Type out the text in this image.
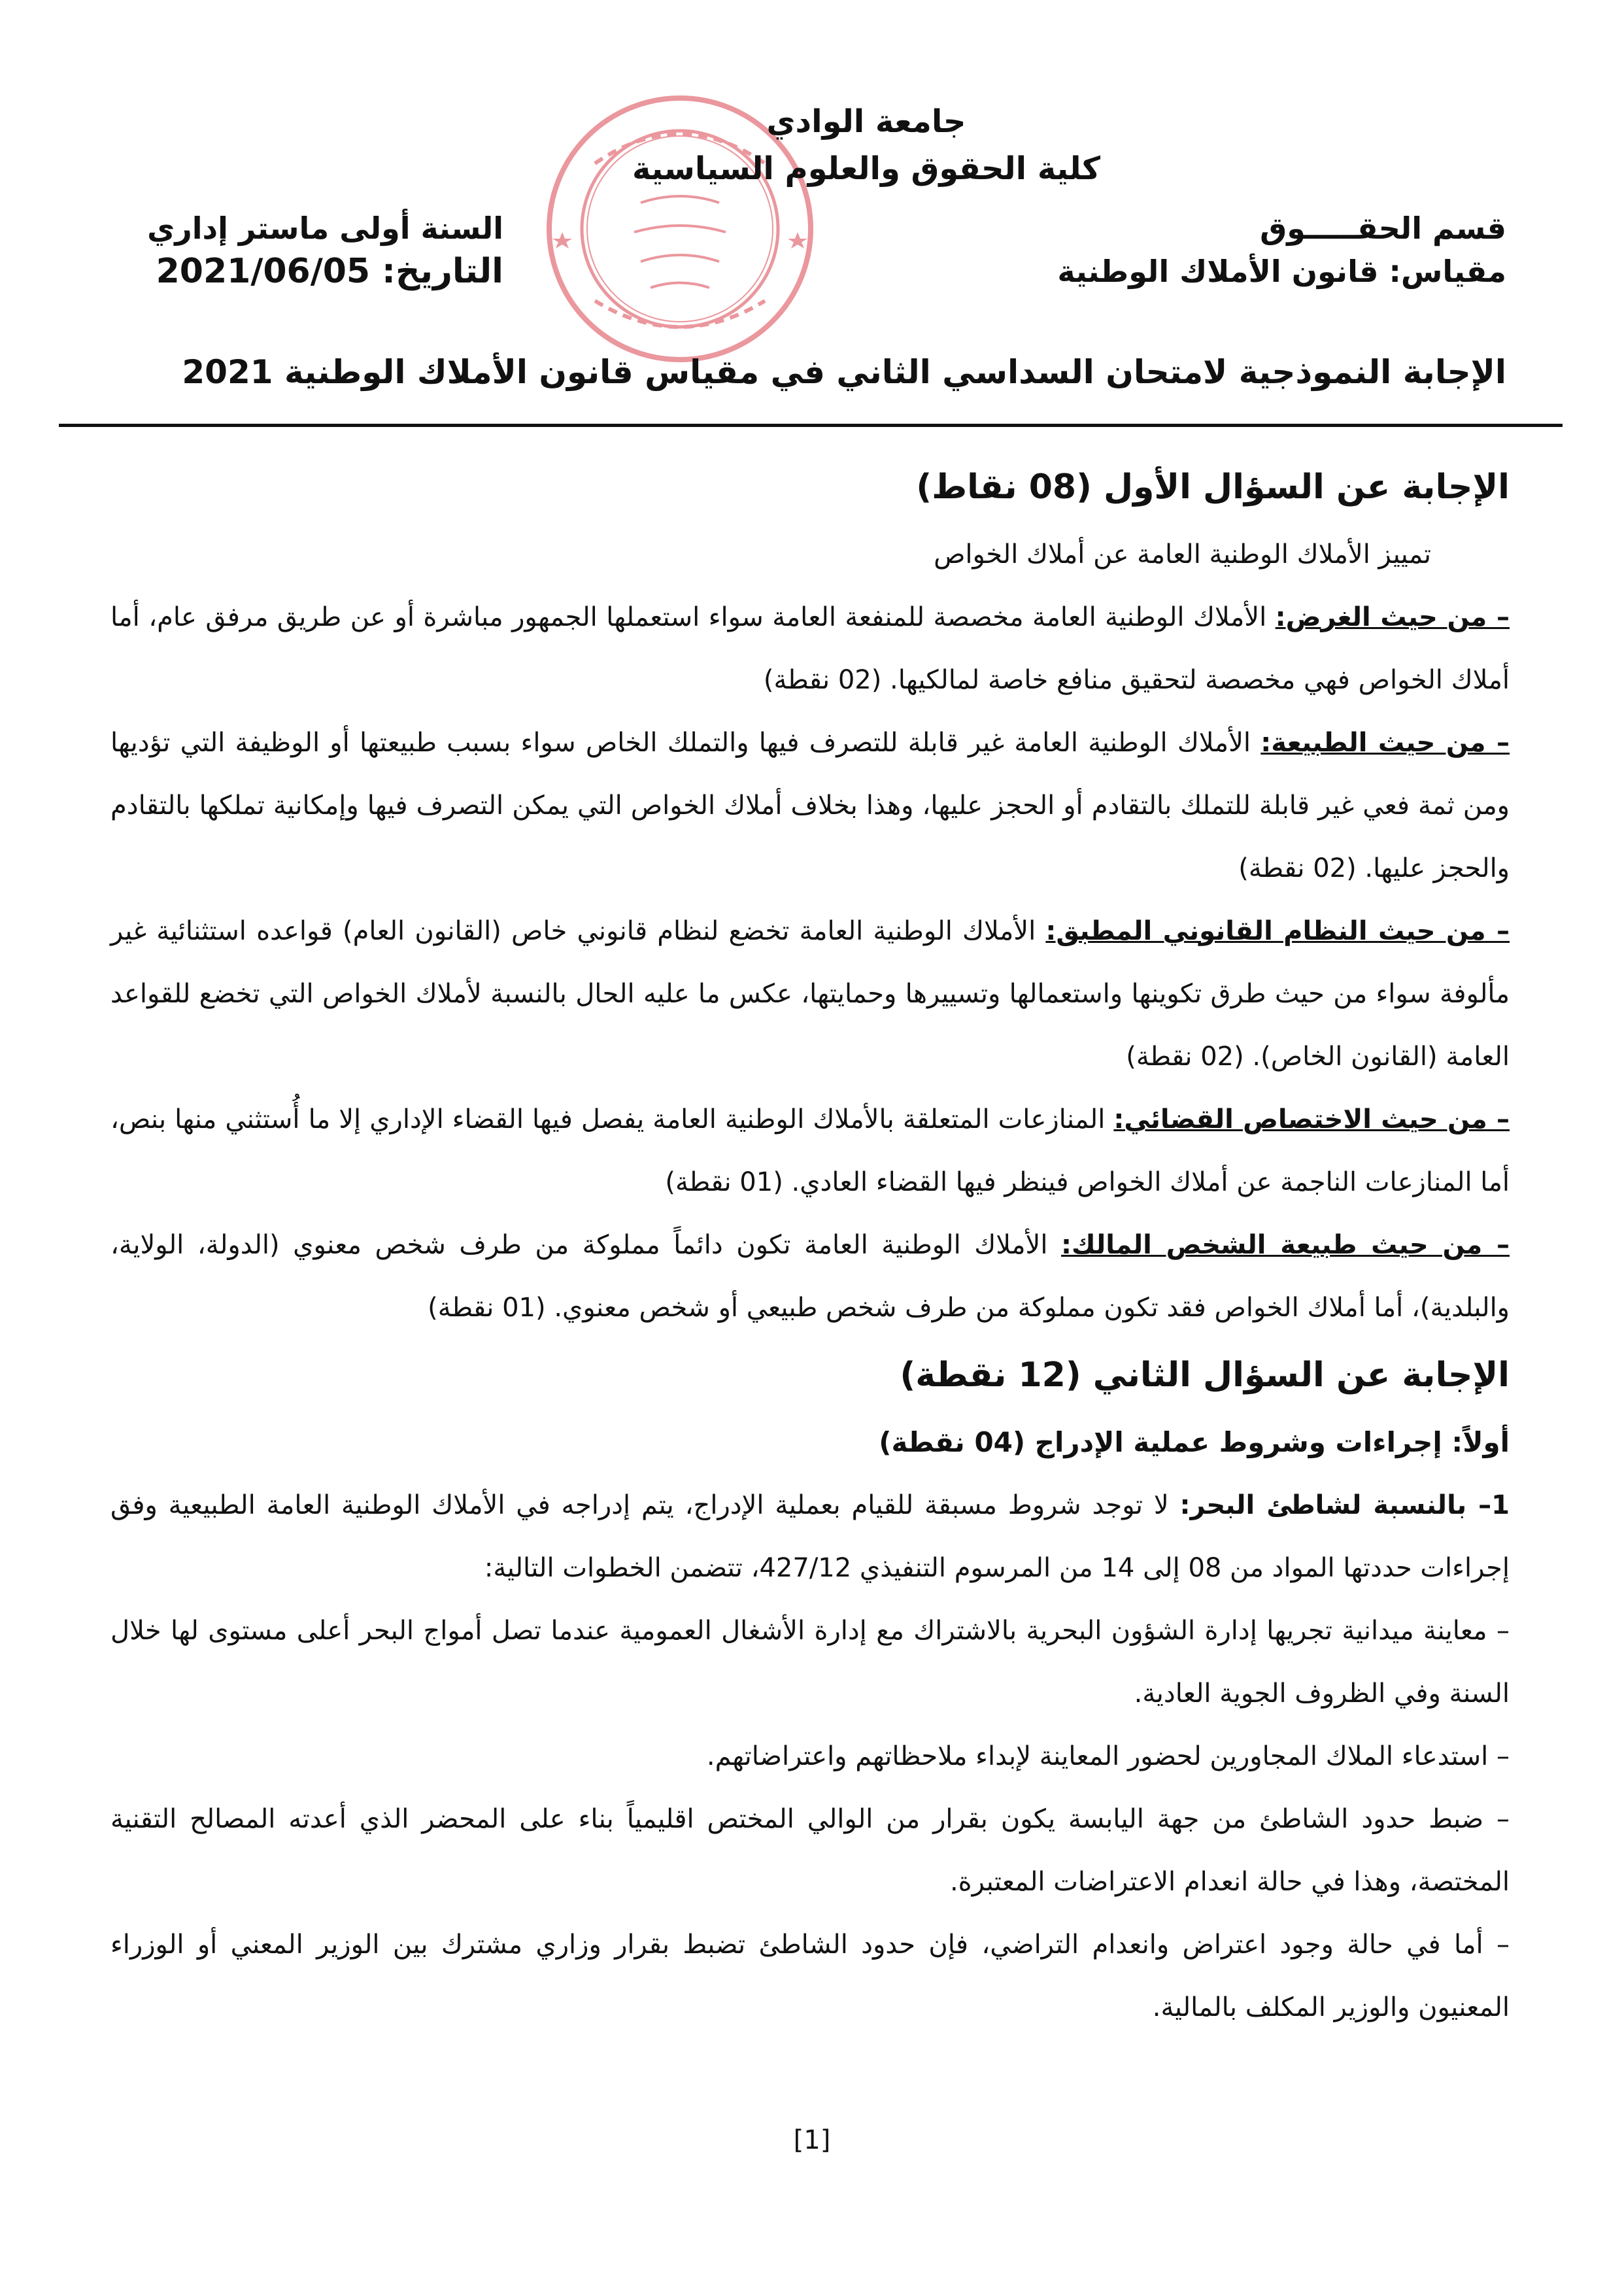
جامعة الوادي
كلية الحقوق والعلوم السياسية
قسم الحقـــــوق
مقياس: قانون الأملاك الوطنية
السنة أولى ماستر إداري
التاريخ: 2021/06/05
الإجابة النموذجية لامتحان السداسي الثاني في مقياس قانون الأملاك الوطنية 2021

الإجابة عن السؤال الأول (08 نقاط)

تمييز الأملاك الوطنية العامة عن أملاك الخواص

– من حيث الغرض: الأملاك الوطنية العامة مخصصة للمنفعة العامة سواء استعملها الجمهور مباشرة أو عن طريق مرفق عام، أما أملاك الخواص فهي مخصصة لتحقيق منافع خاصة لمالكيها. (02 نقطة)

– من حيث الطبيعة: الأملاك الوطنية العامة غير قابلة للتصرف فيها والتملك الخاص سواء بسبب طبيعتها أو الوظيفة التي تؤديها ومن ثمة فعي غير قابلة للتملك بالتقادم أو الحجز عليها، وهذا بخلاف أملاك الخواص التي يمكن التصرف فيها وإمكانية تملكها بالتقادم والحجز عليها. (02 نقطة)

– من حيث النظام القانوني المطبق: الأملاك الوطنية العامة تخضع لنظام قانوني خاص (القانون العام) قواعده استثنائية غير مألوفة سواء من حيث طرق تكوينها واستعمالها وتسييرها وحمايتها، عكس ما عليه الحال بالنسبة لأملاك الخواص التي تخضع للقواعد العامة (القانون الخاص). (02 نقطة)

– من حيث الاختصاص القضائي: المنازعات المتعلقة بالأملاك الوطنية العامة يفصل فيها القضاء الإداري إلا ما أُستثني منها بنص، أما المنازعات الناجمة عن أملاك الخواص فينظر فيها القضاء العادي. (01 نقطة)

– من حيث طبيعة الشخص المالك: الأملاك الوطنية العامة تكون دائماً مملوكة من طرف شخص معنوي (الدولة، الولاية، والبلدية)، أما أملاك الخواص فقد تكون مملوكة من طرف شخص طبيعي أو شخص معنوي. (01 نقطة)

الإجابة عن السؤال الثاني (12 نقطة)

أولاً: إجراءات وشروط عملية الإدراج (04 نقطة)

1– بالنسبة لشاطئ البحر: لا توجد شروط مسبقة للقيام بعملية الإدراج، يتم إدراجه في الأملاك الوطنية العامة الطبيعية وفق إجراءات حددتها المواد من 08 إلى 14 من المرسوم التنفيذي 427/12، تتضمن الخطوات التالية:

– معاينة ميدانية تجريها إدارة الشؤون البحرية بالاشتراك مع إدارة الأشغال العمومية عندما تصل أمواج البحر أعلى مستوى لها خلال السنة وفي الظروف الجوية العادية.

– استدعاء الملاك المجاورين لحضور المعاينة لإبداء ملاحظاتهم واعتراضاتهم.

– ضبط حدود الشاطئ من جهة اليابسة يكون بقرار من الوالي المختص اقليمياً بناء على المحضر الذي أعدته المصالح التقنية المختصة، وهذا في حالة انعدام الاعتراضات المعتبرة.

– أما في حالة وجود اعتراض وانعدام التراضي، فإن حدود الشاطئ تضبط بقرار وزاري مشترك بين الوزير المعني أو الوزراء المعنيون والوزير المكلف بالمالية.

[1]
